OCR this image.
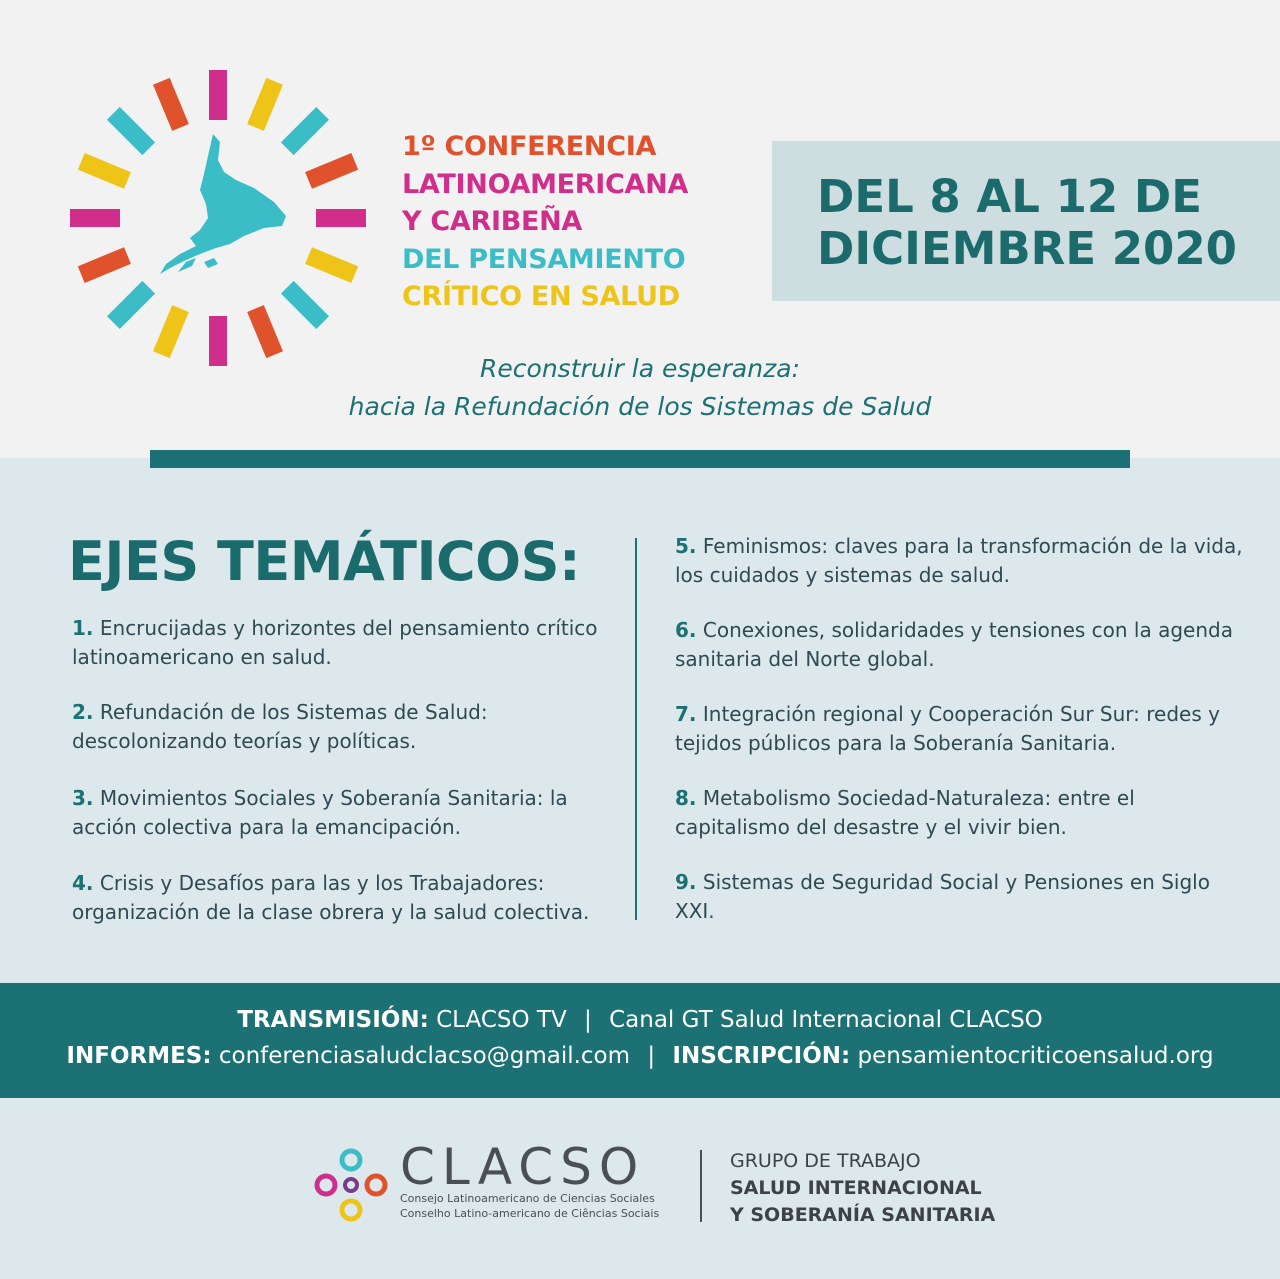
1º CONFERENCIA
LATINOAMERICANA
Y CARIBEÑA
DEL PENSAMIENTO
CRÍTICO EN SALUD
DEL 8 AL 12 DE
DICIEMBRE 2020
Reconstruir la esperanza:
hacia la Refundación de los Sistemas de Salud
EJES TEMÁTICOS:
1. Encrucijadas y horizontes del pensamiento crítico latinoamericano en salud.
2. Refundación de los Sistemas de Salud: descolonizando teorías y políticas.
3. Movimientos Sociales y Soberanía Sanitaria: la acción colectiva para la emancipación.
4. Crisis y Desafíos para las y los Trabajadores: organización de la clase obrera y la salud colectiva.
5. Feminismos: claves para la transformación de la vida, los cuidados y sistemas de salud.
6. Conexiones, solidaridades y tensiones con la agenda sanitaria del Norte global.
7. Integración regional y Cooperación Sur Sur: redes y tejidos públicos para la Soberanía Sanitaria.
8. Metabolismo Sociedad-Naturaleza: entre el capitalismo del desastre y el vivir bien.
9. Sistemas de Seguridad Social y Pensiones en Siglo XXI.
TRANSMISIÓN: CLACSO TV | Canal GT Salud Internacional CLACSO
INFORMES: conferenciasaludclacso@gmail.com | INSCRIPCIÓN: pensamientocriticoensalud.org
CLACSO
Consejo Latinoamericano de Ciencias Sociales
Conselho Latino-americano de Ciências Sociais
GRUPO DE TRABAJO
SALUD INTERNACIONAL
Y SOBERANÍA SANITARIA
